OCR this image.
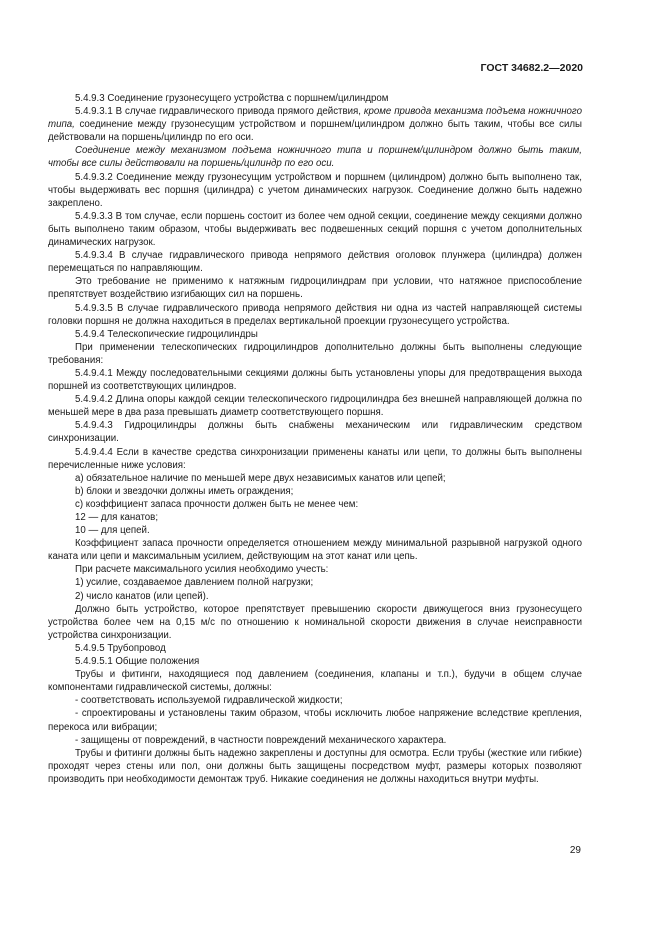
ГОСТ 34682.2—2020

5.4.9.3 Соединение грузонесущего устройства с поршнем/цилиндром

5.4.9.3.1 В случае гидравлического привода прямого действия, кроме привода механизма подъема ножничного типа, соединение между грузонесущим устройством и поршнем/цилиндром должно быть таким, чтобы все силы действовали на поршень/цилиндр по его оси.

Соединение между механизмом подъема ножничного типа и поршнем/цилиндром должно быть таким, чтобы все силы действовали на поршень/цилиндр по его оси.

5.4.9.3.2 Соединение между грузонесущим устройством и поршнем (цилиндром) должно быть выполнено так, чтобы выдерживать вес поршня (цилиндра) с учетом динамических нагрузок. Соединение должно быть надежно закреплено.

5.4.9.3.3 В том случае, если поршень состоит из более чем одной секции, соединение между секциями должно быть выполнено таким образом, чтобы выдерживать вес подвешенных секций поршня с учетом дополнительных динамических нагрузок.

5.4.9.3.4 В случае гидравлического привода непрямого действия оголовок плунжера (цилиндра) должен перемещаться по направляющим.

Это требование не применимо к натяжным гидроцилиндрам при условии, что натяжное приспособление препятствует воздействию изгибающих сил на поршень.

5.4.9.3.5 В случае гидравлического привода непрямого действия ни одна из частей направляющей системы головки поршня не должна находиться в пределах вертикальной проекции грузонесущего устройства.

5.4.9.4 Телескопические гидроцилиндры

При применении телескопических гидроцилиндров дополнительно должны быть выполнены следующие требования:

5.4.9.4.1 Между последовательными секциями должны быть установлены упоры для предотвращения выхода поршней из соответствующих цилиндров.

5.4.9.4.2 Длина опоры каждой секции телескопического гидроцилиндра без внешней направляющей должна по меньшей мере в два раза превышать диаметр соответствующего поршня.

5.4.9.4.3 Гидроцилиндры должны быть снабжены механическим или гидравлическим средством синхронизации.

5.4.9.4.4 Если в качестве средства синхронизации применены канаты или цепи, то должны быть выполнены перечисленные ниже условия:

a) обязательное наличие по меньшей мере двух независимых канатов или цепей;

b) блоки и звездочки должны иметь ограждения;

c) коэффициент запаса прочности должен быть не менее чем:

12 — для канатов;

10 — для цепей.

Коэффициент запаса прочности определяется отношением между минимальной разрывной нагрузкой одного каната или цепи и максимальным усилием, действующим на этот канат или цепь.

При расчете максимального усилия необходимо учесть:

1) усилие, создаваемое давлением полной нагрузки;

2) число канатов (или цепей).

Должно быть устройство, которое препятствует превышению скорости движущегося вниз грузонесущего устройства более чем на 0,15 м/с по отношению к номинальной скорости движения в случае неисправности устройства синхронизации.

5.4.9.5 Трубопровод

5.4.9.5.1 Общие положения

Трубы и фитинги, находящиеся под давлением (соединения, клапаны и т.п.), будучи в общем случае компонентами гидравлической системы, должны:

- соответствовать используемой гидравлической жидкости;

- спроектированы и установлены таким образом, чтобы исключить любое напряжение вследствие крепления, перекоса или вибрации;

- защищены от повреждений, в частности повреждений механического характера.

Трубы и фитинги должны быть надежно закреплены и доступны для осмотра. Если трубы (жесткие или гибкие) проходят через стены или пол, они должны быть защищены посредством муфт, размеры которых позволяют производить при необходимости демонтаж труб. Никакие соединения не должны находиться внутри муфты.

29
